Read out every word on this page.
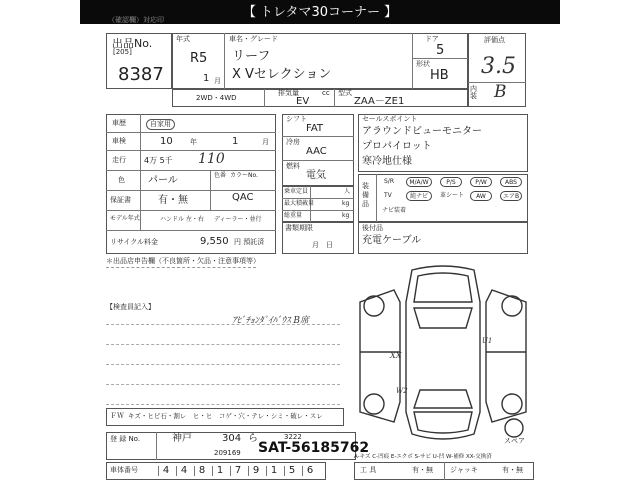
【 トレタマ30コーナー 】
（確認欄）対応印
出品No.
[205]
8387
年式
R5
1 月
車名・グレード
リーフ
X Vセレクション
ドア
5
形状
HB
評価点
3.5
内装 B
2WD・4WD
排気量
EV
cc 型式
ZAA－ZE1
車歴	自家用
車検	10 年	1	月
走行 4万 5千 110
色 パール	色番 カラーNo.
QAC
保証書	有・無
モデル年式	ハンドル 左・右 ディーラー・並行
リサイクル料金	9,550 円 預託済
シフト
FAT
冷房
AAC
燃料
電気
乗車定員
最大積載量
総重量
人
kg
kg
書類期限
月　日
セールスポイント
アラウンドビューモニター
プロパイロット
寒冷地仕様
装備品
S/R	M/A/W	P/S	P/W	ABS
TV	純ナビ	革シート	AW	エアB
ナビ装着
後付品
充電ケーブル
＊出品店申告欄（不良箇所・欠品・注意事項等）
【検査員記入】
ｱﾋﾞﾁｮﾝﾀﾞｲﾊﾞｳｽ B席
ＦＷ キズ・ヒビ石・割レ　ヒ・ヒ　コゲ・穴・テレ・シミ・破レ・スレ
XX
W2
U1
スペア
登 録 No.	神戸	304 ら	3222
209169 SAT-56185762
A-キズ C-凹痕 E-エクボ S-サビ U-凹 W-補修 XX-交換済
車体番号	4	4	8	1	7	9	1	5	6	工 具	有・無 ジャッキ	有・無
